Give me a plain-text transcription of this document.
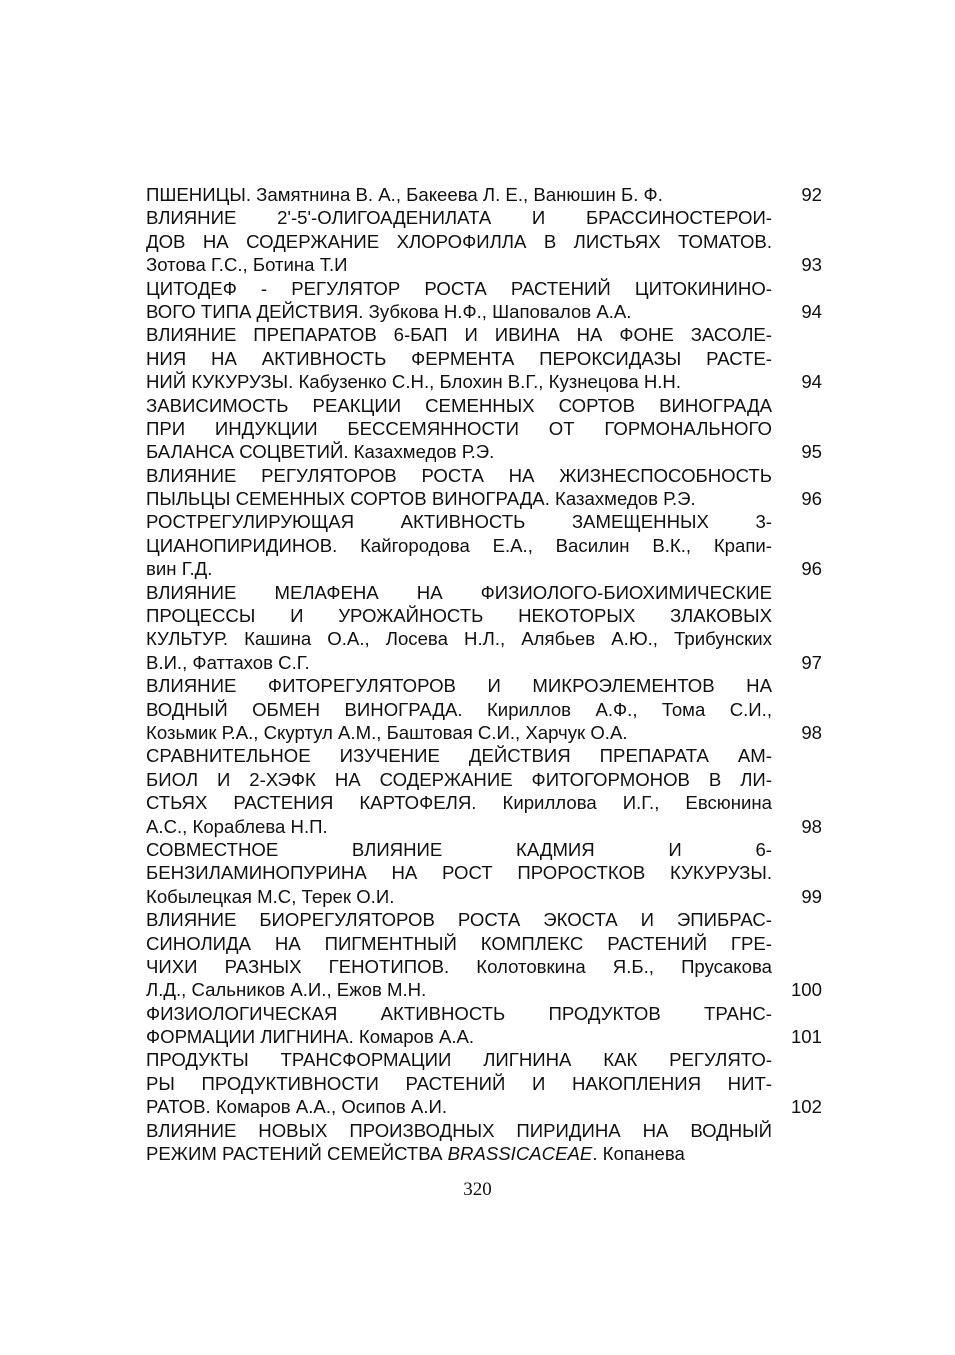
ПШЕНИЦЫ. Замятнина В. А., Бакеева Л. Е., Ванюшин Б. Ф.	92
ВЛИЯНИЕ 2'-5'-ОЛИГОАДЕНИЛАТА И БРАССИНОСТЕРОИ-
ДОВ НА СОДЕРЖАНИЕ ХЛОРОФИЛЛА В ЛИСТЬЯХ ТОМАТОВ.
Зотова Г.С., Ботина Т.И	93
ЦИТОДЕФ - РЕГУЛЯТОР РОСТА РАСТЕНИЙ ЦИТОКИНИНО-
ВОГО ТИПА ДЕЙСТВИЯ. Зубкова Н.Ф., Шаповалов А.А.	94
ВЛИЯНИЕ ПРЕПАРАТОВ 6-БАП И ИВИНА НА ФОНЕ ЗАСОЛЕ-
НИЯ НА АКТИВНОСТЬ ФЕРМЕНТА ПЕРОКСИДАЗЫ РАСТЕ-
НИЙ КУКУРУЗЫ. Кабузенко С.Н., Блохин В.Г., Кузнецова Н.Н.	94
ЗАВИСИМОСТЬ РЕАКЦИИ СЕМЕННЫХ СОРТОВ ВИНОГРАДА
ПРИ ИНДУКЦИИ БЕССЕМЯННОСТИ ОТ ГОРМОНАЛЬНОГО
БАЛАНСА СОЦВЕТИЙ. Казахмедов Р.Э.	95
ВЛИЯНИЕ РЕГУЛЯТОРОВ РОСТА НА ЖИЗНЕСПОСОБНОСТЬ
ПЫЛЬЦЫ СЕМЕННЫХ СОРТОВ ВИНОГРАДА. Казахмедов Р.Э.	96
РОСТРЕГУЛИРУЮЩАЯ АКТИВНОСТЬ ЗАМЕЩЕННЫХ 3-
ЦИАНОПИРИДИНОВ. Кайгородова Е.А., Василин В.К., Крапи-
вин Г.Д.	96
ВЛИЯНИЕ МЕЛАФЕНА НА ФИЗИОЛОГО-БИОХИМИЧЕСКИЕ
ПРОЦЕССЫ И УРОЖАЙНОСТЬ НЕКОТОРЫХ ЗЛАКОВЫХ
КУЛЬТУР. Кашина О.А., Лосева Н.Л., Алябьев А.Ю., Трибунских
В.И., Фаттахов С.Г.	97
ВЛИЯНИЕ ФИТОРЕГУЛЯТОРОВ И МИКРОЭЛЕМЕНТОВ НА
ВОДНЫЙ ОБМЕН ВИНОГРАДА. Кириллов А.Ф., Тома С.И.,
Козьмик Р.А., Скуртул А.М., Баштовая С.И., Харчук О.А.	98
СРАВНИТЕЛЬНОЕ ИЗУЧЕНИЕ ДЕЙСТВИЯ ПРЕПАРАТА АМ-
БИОЛ И 2-ХЭФК НА СОДЕРЖАНИЕ ФИТОГОРМОНОВ В ЛИ-
СТЬЯХ РАСТЕНИЯ КАРТОФЕЛЯ. Кириллова И.Г., Евсюнина
А.С., Кораблева Н.П.	98
СОВМЕСТНОЕ ВЛИЯНИЕ КАДМИЯ И 6-
БЕНЗИЛАМИНОПУРИНА НА РОСТ ПРОРОСТКОВ КУКУРУЗЫ.
Кобылецкая М.С, Терек О.И.	99
ВЛИЯНИЕ БИОРЕГУЛЯТОРОВ РОСТА ЭКОСТА И ЭПИБРАС-
СИНОЛИДА НА ПИГМЕНТНЫЙ КОМПЛЕКС РАСТЕНИЙ ГРЕ-
ЧИХИ РАЗНЫХ ГЕНОТИПОВ. Колотовкина Я.Б., Прусакова
Л.Д., Сальников А.И., Ежов М.Н.	100
ФИЗИОЛОГИЧЕСКАЯ АКТИВНОСТЬ ПРОДУКТОВ ТРАНС-
ФОРМАЦИИ ЛИГНИНА. Комаров А.А.	101
ПРОДУКТЫ ТРАНСФОРМАЦИИ ЛИГНИНА КАК РЕГУЛЯТО-
РЫ ПРОДУКТИВНОСТИ РАСТЕНИЙ И НАКОПЛЕНИЯ НИТ-
РАТОВ. Комаров А.А., Осипов А.И.	102
ВЛИЯНИЕ НОВЫХ ПРОИЗВОДНЫХ ПИРИДИНА НА ВОДНЫЙ
РЕЖИМ РАСТЕНИЙ СЕМЕЙСТВА BRASSICACEAE. Копанева
320
